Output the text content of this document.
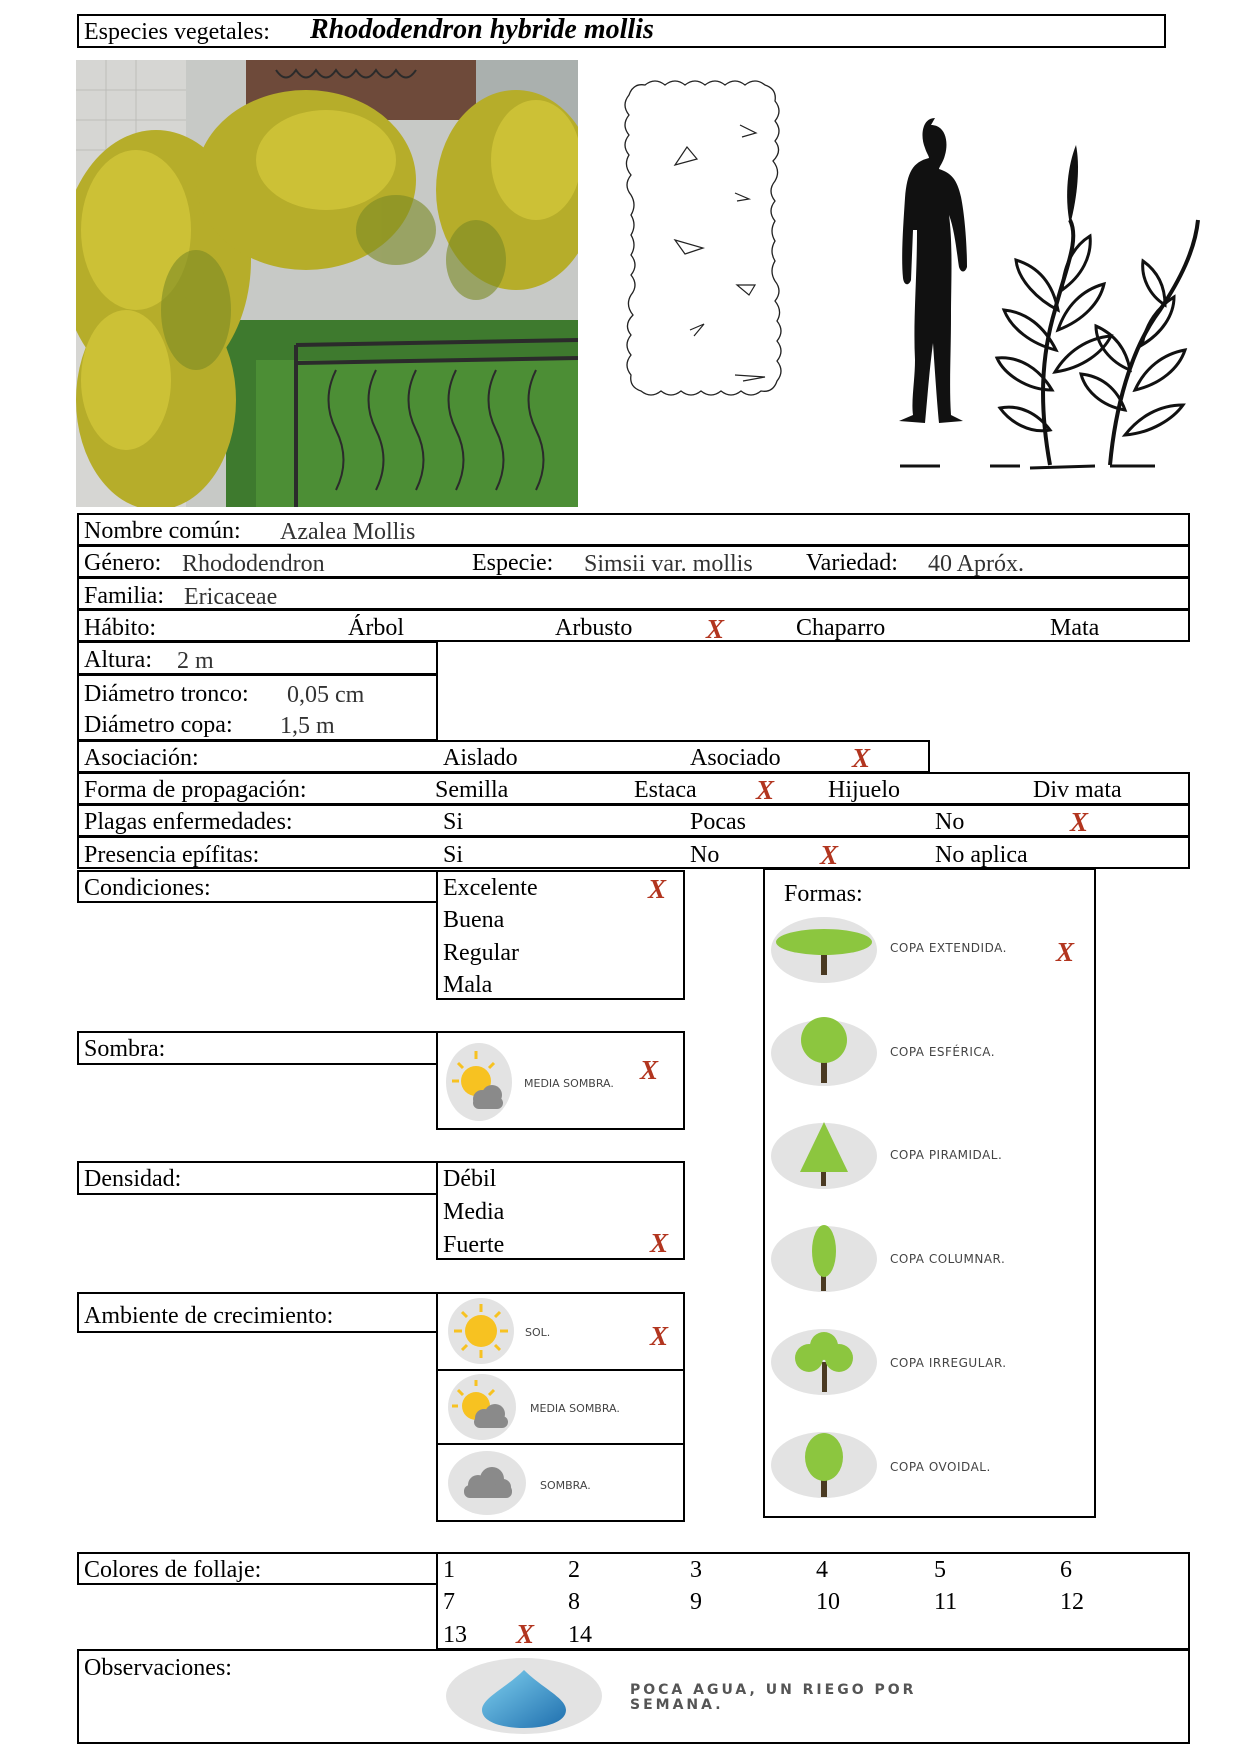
Especies vegetales: Rhododendron hybride mollis
Nombre común: Azalea Mollis
Género: Rhododendron	Especie: Simsii var. mollis Variedad: 40 Apróx.
Familia: Ericaceae
Hábito:	Árbol	Arbusto	X	Chaparro	Mata
Altura: 2 m
Diámetro tronco: 0,05 cm
Diámetro copa: 1,5 m
Asociación:	Aislado	Asociado	X
Forma de propagación:	Semilla	Estaca X Hijuelo	Div mata
Plagas enfermedades:	Si	Pocas	No	X
Presencia epífitas:	Si	No	X	No aplica
Condiciones:	Excelente	X
Buena
Regular
Mala
Formas:
COPA EXTENDIDA. X
COPA ESFÉRICA.
COPA PIRAMIDAL.
COPA COLUMNAR.
COPA IRREGULAR.
COPA OVOIDAL.
Sombra:
MEDIA SOMBRA. X
Densidad:	Débil
Media
Fuerte	X
Ambiente de crecimiento:
SOL.	X
MEDIA SOMBRA.
SOMBRA.
Colores de follaje:	1	2	3	4	5	6
7	8	9	10	11	12
13 X 14
Observaciones:
POCA AGUA, UN RIEGO POR
SEMANA.
